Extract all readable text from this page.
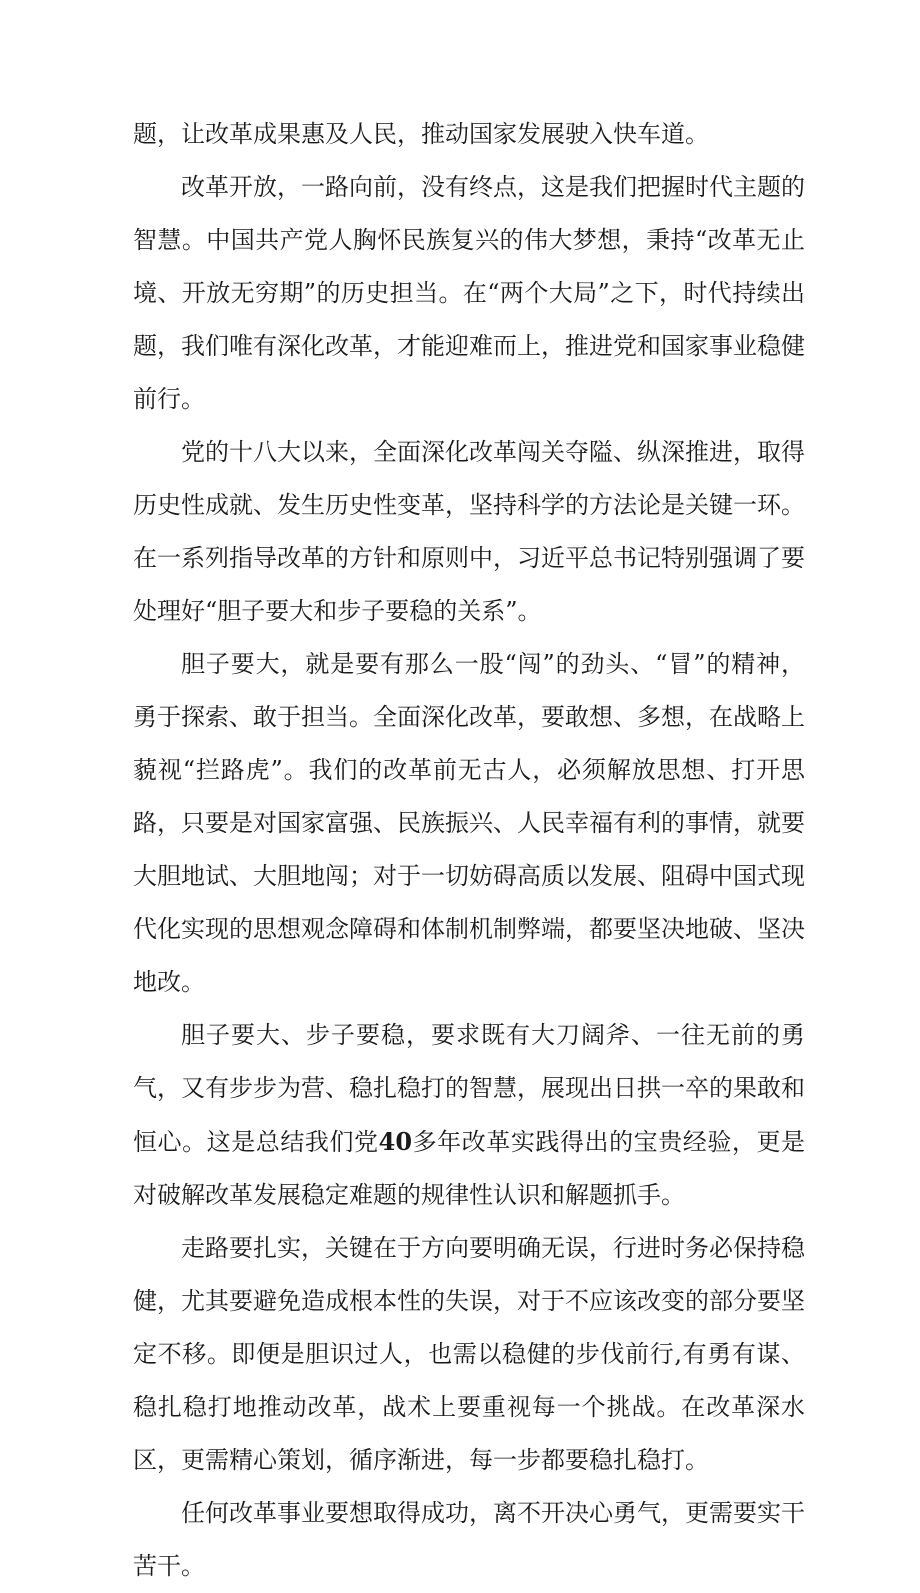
题，让改革成果惠及人民，推动国家发展驶入快车道。

改革开放，一路向前，没有终点，这是我们把握时代主题的智慧。中国共产党人胸怀民族复兴的伟大梦想，秉持“改革无止境、开放无穷期”的历史担当。在“两个大局”之下，时代持续出题，我们唯有深化改革，才能迎难而上，推进党和国家事业稳健前行。

党的十八大以来，全面深化改革闯关夺隘、纵深推进，取得历史性成就、发生历史性变革，坚持科学的方法论是关键一环。在一系列指导改革的方针和原则中，习近平总书记特别强调了要处理好“胆子要大和步子要稳的关系”。

胆子要大，就是要有那么一股“闯”的劲头、“冒”的精神，勇于探索、敢于担当。全面深化改革，要敢想、多想，在战略上藐视“拦路虎”。我们的改革前无古人，必须解放思想、打开思路，只要是对国家富强、民族振兴、人民幸福有利的事情，就要大胆地试、大胆地闯；对于一切妨碍高质以发展、阻碍中国式现代化实现的思想观念障碍和体制机制弊端，都要坚决地破、坚决地改。

胆子要大、步子要稳，要求既有大刀阔斧、一往无前的勇气，又有步步为营、稳扎稳打的智慧，展现出日拱一卒的果敢和恒心。这是总结我们党40多年改革实践得出的宝贵经验，更是对破解改革发展稳定难题的规律性认识和解题抓手。

走路要扎实，关键在于方向要明确无误，行进时务必保持稳健，尤其要避免造成根本性的失误，对于不应该改变的部分要坚定不移。即便是胆识过人，也需以稳健的步伐前行,有勇有谋、稳扎稳打地推动改革，战术上要重视每一个挑战。在改革深水区，更需精心策划，循序渐进，每一步都要稳扎稳打。

任何改革事业要想取得成功，离不开决心勇气，更需要实干苦干。
